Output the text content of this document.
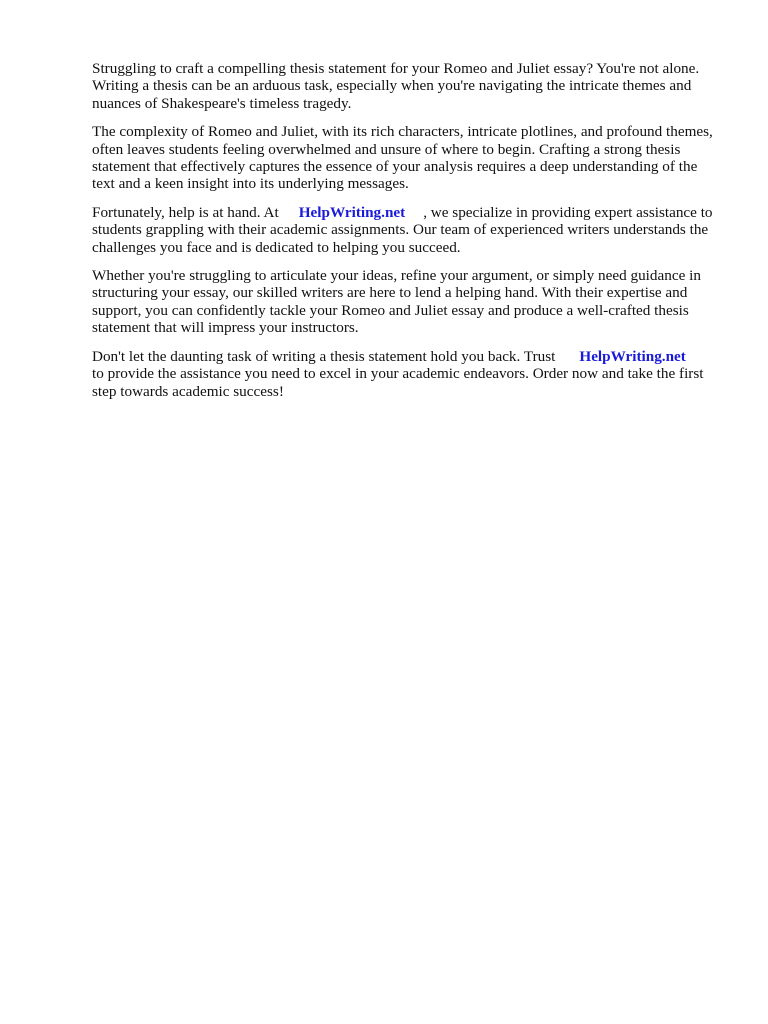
Struggling to craft a compelling thesis statement for your Romeo and Juliet essay? You're not alone. Writing a thesis can be an arduous task, especially when you're navigating the intricate themes and nuances of Shakespeare's timeless tragedy.

The complexity of Romeo and Juliet, with its rich characters, intricate plotlines, and profound themes, often leaves students feeling overwhelmed and unsure of where to begin. Crafting a strong thesis statement that effectively captures the essence of your analysis requires a deep understanding of the text and a keen insight into its underlying messages.

Fortunately, help is at hand. At HelpWriting.net , we specialize in providing expert assistance to students grappling with their academic assignments. Our team of experienced writers understands the challenges you face and is dedicated to helping you succeed.

Whether you're struggling to articulate your ideas, refine your argument, or simply need guidance in structuring your essay, our skilled writers are here to lend a helping hand. With their expertise and support, you can confidently tackle your Romeo and Juliet essay and produce a well-crafted thesis statement that will impress your instructors.

Don't let the daunting task of writing a thesis statement hold you back. Trust HelpWriting.net
to provide the assistance you need to excel in your academic endeavors. Order now and take the first step towards academic success!
